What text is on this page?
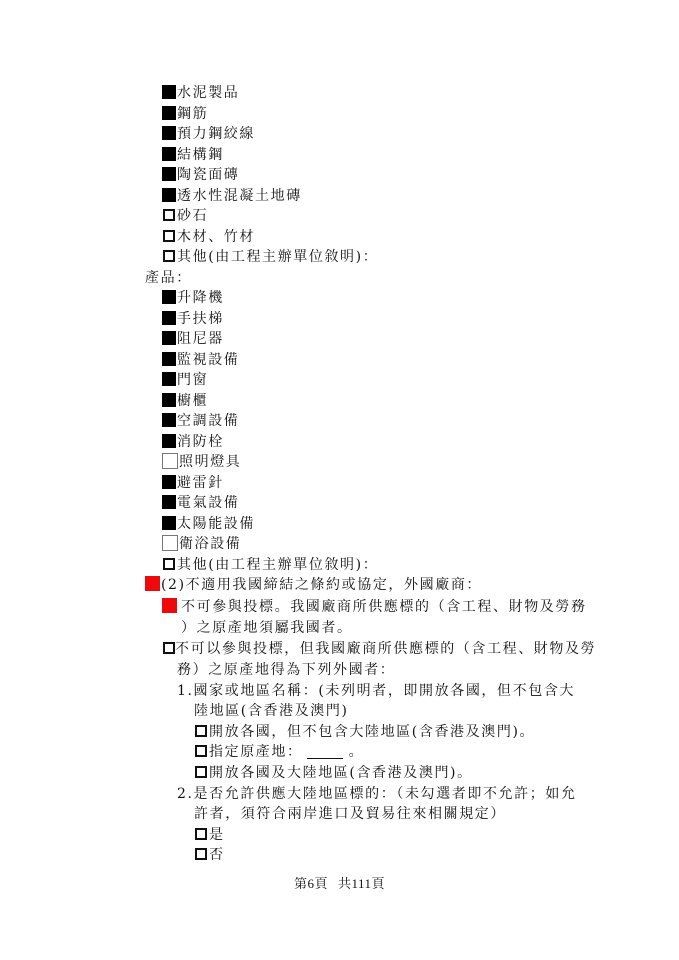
水泥製品
鋼筋
預力鋼絞線
結構鋼
陶瓷面磚
透水性混凝土地磚
砂石
木材、竹材
其他(由工程主辦單位敘明)：
產品：
升降機
手扶梯
阻尼器
監視設備
門窗
櫥櫃
空調設備
消防栓
照明燈具
避雷針
電氣設備
太陽能設備
衛浴設備
其他(由工程主辦單位敘明)：
(2)不適用我國締結之條約或協定，外國廠商：
不可參與投標。我國廠商所供應標的（含工程、財物及勞務
）之原產地須屬我國者。
不可以參與投標，但我國廠商所供應標的（含工程、財物及勞
務）之原產地得為下列外國者：
1.國家或地區名稱：(未列明者，即開放各國，但不包含大
陸地區(含香港及澳門)
開放各國，但不包含大陸地區(含香港及澳門)。
指定原產地：	。
開放各國及大陸地區(含香港及澳門)。
2.是否允許供應大陸地區標的：（未勾選者即不允許；如允
許者，須符合兩岸進口及貿易往來相關規定）
是
否
第6頁 共111頁
